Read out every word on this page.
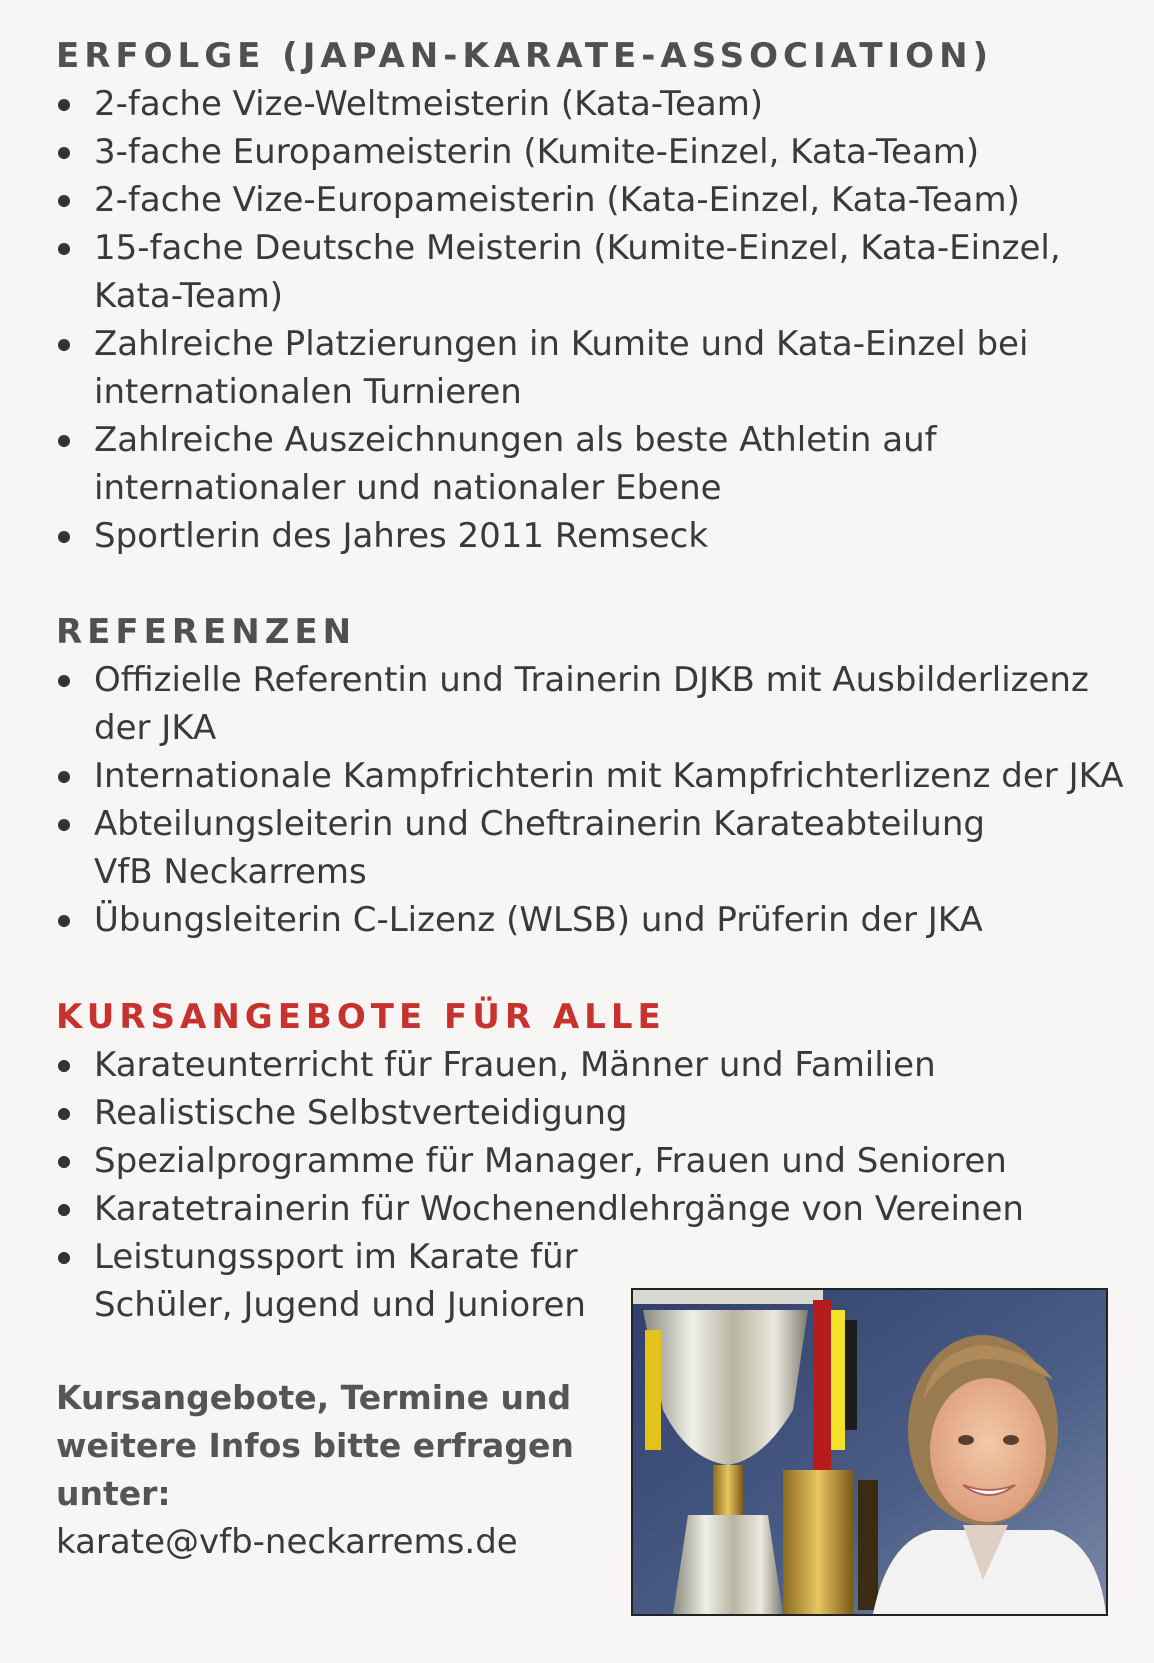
ERFOLGE (JAPAN-KARATE-ASSOCIATION)
2-fache Vize-Weltmeisterin (Kata-Team)
3-fache Europameisterin (Kumite-Einzel, Kata-Team)
2-fache Vize-Europameisterin (Kata-Einzel, Kata-Team)
15-fache Deutsche Meisterin (Kumite-Einzel, Kata-Einzel, Kata-Team)
Zahlreiche Platzierungen in Kumite und Kata-Einzel bei internationalen Turnieren
Zahlreiche Auszeichnungen als beste Athletin auf internationaler und nationaler Ebene
Sportlerin des Jahres 2011 Remseck
REFERENZEN
Offizielle Referentin und Trainerin DJKB mit Ausbilderlizenz der JKA
Internationale Kampfrichterin mit Kampfrichterlizenz der JKA
Abteilungsleiterin und Cheftrainerin Karateabteilung VfB Neckarrems
Übungsleiterin C-Lizenz (WLSB) und Prüferin der JKA
KURSANGEBOTE FÜR ALLE
Karateunterricht für Frauen, Männer und Familien
Realistische Selbstverteidigung
Spezialprogramme für Manager, Frauen und Senioren
Karatetrainerin für Wochenendlehrgänge von Vereinen
Leistungssport im Karate für Schüler, Jugend und Junioren

Kursangebote, Termine und weitere Infos bitte erfragen unter:

karate@vfb-neckarrems.de
